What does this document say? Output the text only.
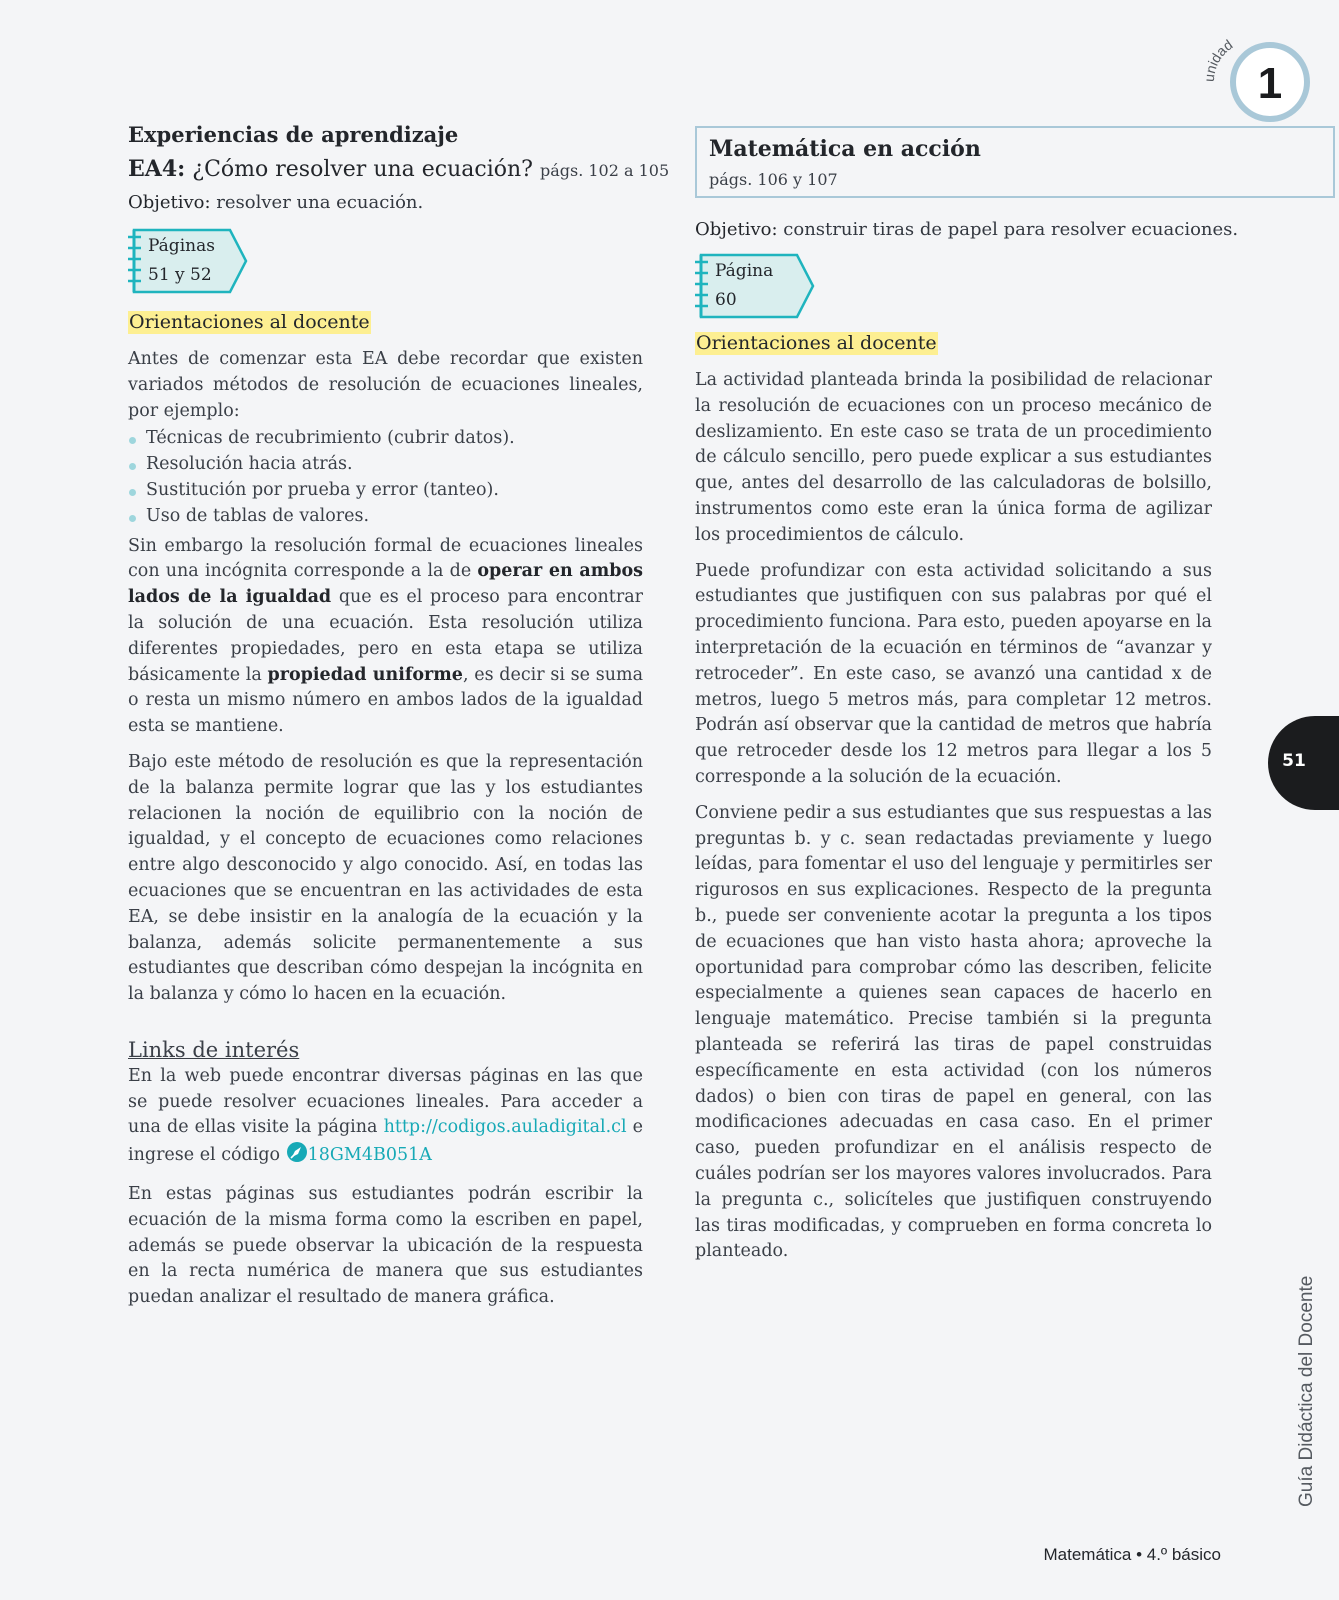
unidad
1
Experiencias de aprendizaje
EA4: ¿Cómo resolver una ecuación? págs. 102 a 105
Objetivo: resolver una ecuación.
Páginas
51 y 52
Orientaciones al docente

Antes de comenzar esta EA debe recordar que existen variados métodos de resolución de ecuaciones lineales, por ejemplo:

Técnicas de recubrimiento (cubrir datos).
Resolución hacia atrás.
Sustitución por prueba y error (tanteo).
Uso de tablas de valores.

Sin embargo la resolución formal de ecuaciones lineales con una incógnita corresponde a la de operar en ambos lados de la igualdad que es el proceso para encontrar la solución de una ecuación. Esta resolución utiliza diferentes propiedades, pero en esta etapa se utiliza básicamente la propiedad uniforme, es decir si se suma o resta un mismo número en ambos lados de la igualdad esta se mantiene.

Bajo este método de resolución es que la representación de la balanza permite lograr que las y los estudiantes relacionen la noción de equilibrio con la noción de igualdad, y el concepto de ecuaciones como relaciones entre algo desconocido y algo conocido. Así, en todas las ecuaciones que se encuentran en las actividades de esta EA, se debe insistir en la analogía de la ecuación y la balanza, además solicite permanentemente a sus estudiantes que describan cómo despejan la incógnita en la balanza y cómo lo hacen en la ecuación.

Links de interés

En la web puede encontrar diversas páginas en las que se puede resolver ecuaciones lineales. Para acceder a una de ellas visite la página http://codigos.auladigital.cl e ingrese el código 18GM4B051A

En estas páginas sus estudiantes podrán escribir la ecuación de la misma forma como la escriben en papel, además se puede observar la ubicación de la respuesta en la recta numérica de manera que sus estudiantes puedan analizar el resultado de manera gráfica.

Matemática en acción
págs. 106 y 107
Objetivo: construir tiras de papel para resolver ecuaciones.
Página
60
Orientaciones al docente

La actividad planteada brinda la posibilidad de relacionar la resolución de ecuaciones con un proceso mecánico de deslizamiento. En este caso se trata de un procedimiento de cálculo sencillo, pero puede explicar a sus estudiantes que, antes del desarrollo de las calculadoras de bolsillo, instrumentos como este eran la única forma de agilizar los procedimientos de cálculo.

Puede profundizar con esta actividad solicitando a sus estudiantes que justifiquen con sus palabras por qué el procedimiento funciona. Para esto, pueden apoyarse en la interpretación de la ecuación en términos de “avanzar y retroceder”. En este caso, se avanzó una cantidad x de metros, luego 5 metros más, para completar 12 metros. Podrán así observar que la cantidad de metros que habría que retroceder desde los 12 metros para llegar a los 5 corresponde a la solución de la ecuación.

Conviene pedir a sus estudiantes que sus respuestas a las preguntas b. y c. sean redactadas previamente y luego leídas, para fomentar el uso del lenguaje y permitirles ser rigurosos en sus explicaciones. Respecto de la pregunta b., puede ser conveniente acotar la pregunta a los tipos de ecuaciones que han visto hasta ahora; aproveche la oportunidad para comprobar cómo las describen, felicite especialmente a quienes sean capaces de hacerlo en lenguaje matemático. Precise también si la pregunta planteada se referirá las tiras de papel construidas específicamente en esta actividad (con los números dados) o bien con tiras de papel en general, con las modificaciones adecuadas en casa caso. En el primer caso, pueden profundizar en el análisis respecto de cuáles podrían ser los mayores valores involucrados. Para la pregunta c., solicíteles que justifiquen construyendo las tiras modificadas, y comprueben en forma concreta lo planteado.

51
Guía Didáctica del Docente
Matemática • 4.º básico
